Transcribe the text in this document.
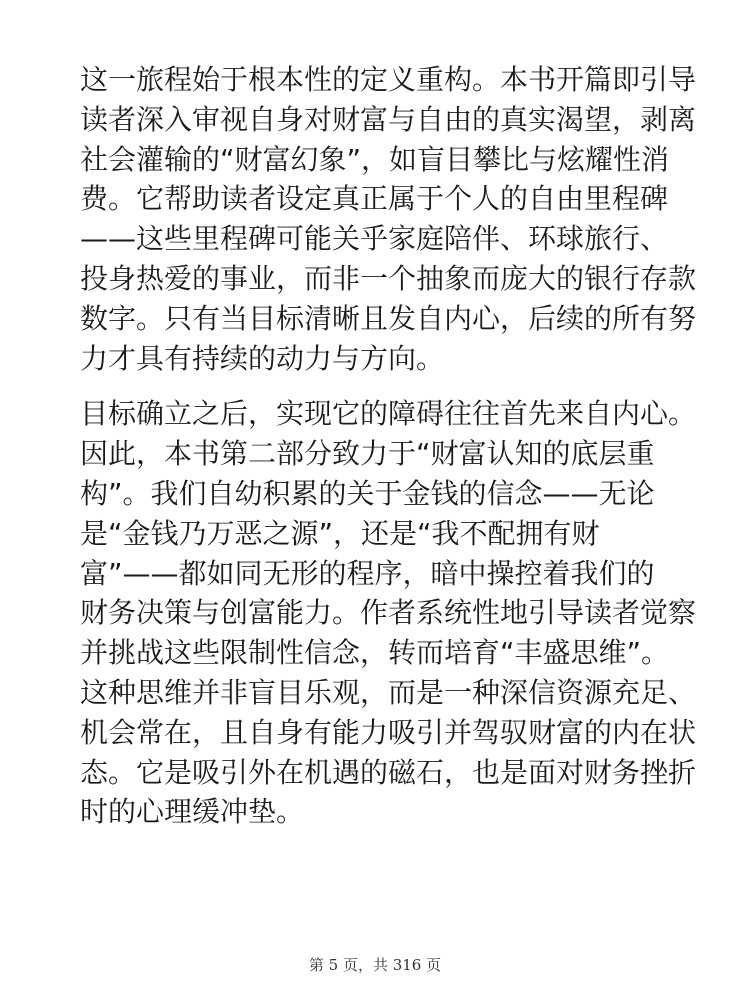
这一旅程始于根本性的定义重构。本书开篇即引导
读者深入审视自身对财富与自由的真实渴望，剥离
社会灌输的“财富幻象”，如盲目攀比与炫耀性消
费。它帮助读者设定真正属于个人的自由里程碑
——这些里程碑可能关乎家庭陪伴、环球旅行、
投身热爱的事业，而非一个抽象而庞大的银行存款
数字。只有当目标清晰且发自内心，后续的所有努
力才具有持续的动力与方向。

目标确立之后，实现它的障碍往往首先来自内心。
因此，本书第二部分致力于“财富认知的底层重
构”。我们自幼积累的关于金钱的信念——无论
是“金钱乃万恶之源”，还是“我不配拥有财
富”——都如同无形的程序，暗中操控着我们的
财务决策与创富能力。作者系统性地引导读者觉察
并挑战这些限制性信念，转而培育“丰盛思维”。
这种思维并非盲目乐观，而是一种深信资源充足、
机会常在，且自身有能力吸引并驾驭财富的内在状
态。它是吸引外在机遇的磁石，也是面对财务挫折
时的心理缓冲垫。

第 5 页，共 316 页
